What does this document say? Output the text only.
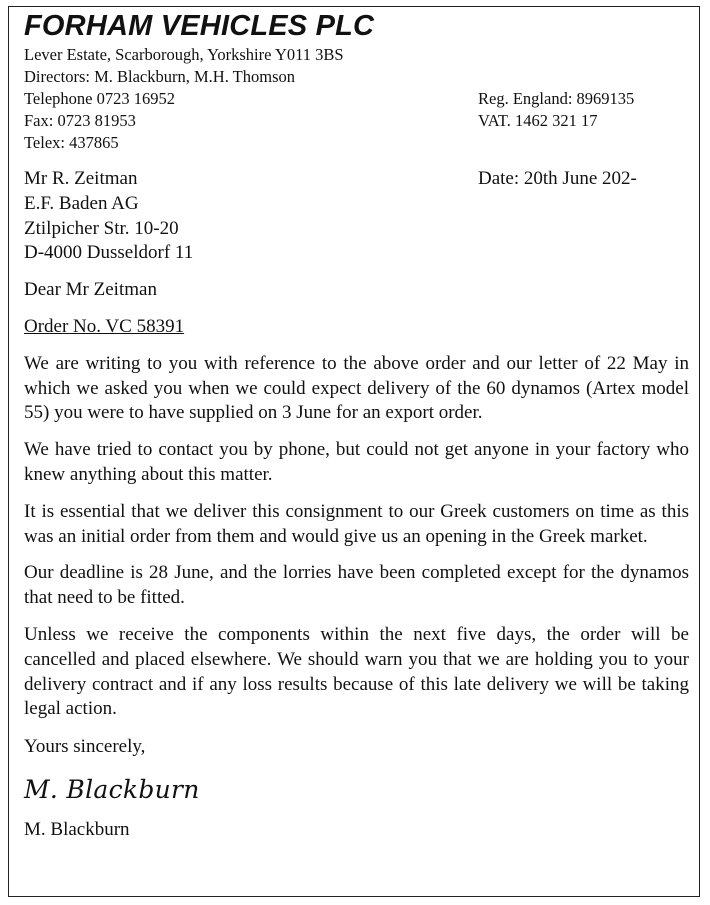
FORHAM VEHICLES PLC
Lever Estate, Scarborough, Yorkshire Y011 3BS
Directors: M. Blackburn, M.H. Thomson
Telephone 0723 16952	Reg. England: 8969135
Fax: 0723 81953	VAT. 1462 321 17
Telex: 437865
Mr R. Zeitman
E.F. Baden AG
Ztilpicher Str. 10-20
D-4000 Dusseldorf 11
Date: 20th June 202-
Dear Mr Zeitman
Order No. VC 58391

We are writing to you with reference to the above order and our letter of 22 May in which we asked you when we could expect delivery of the 60 dynamos (Artex model 55) you were to have supplied on 3 June for an export order.

We have tried to contact you by phone, but could not get anyone in your factory who knew anything about this matter.

It is essential that we deliver this consignment to our Greek customers on time as this was an initial order from them and would give us an opening in the Greek market.

Our deadline is 28 June, and the lorries have been completed except for the dynamos that need to be fitted.

Unless we receive the components within the next five days, the order will be cancelled and placed elsewhere. We should warn you that we are holding you to your delivery contract and if any loss results because of this late delivery we will be taking legal action.

Yours sincerely,
M. Blackburn
M. Blackburn
